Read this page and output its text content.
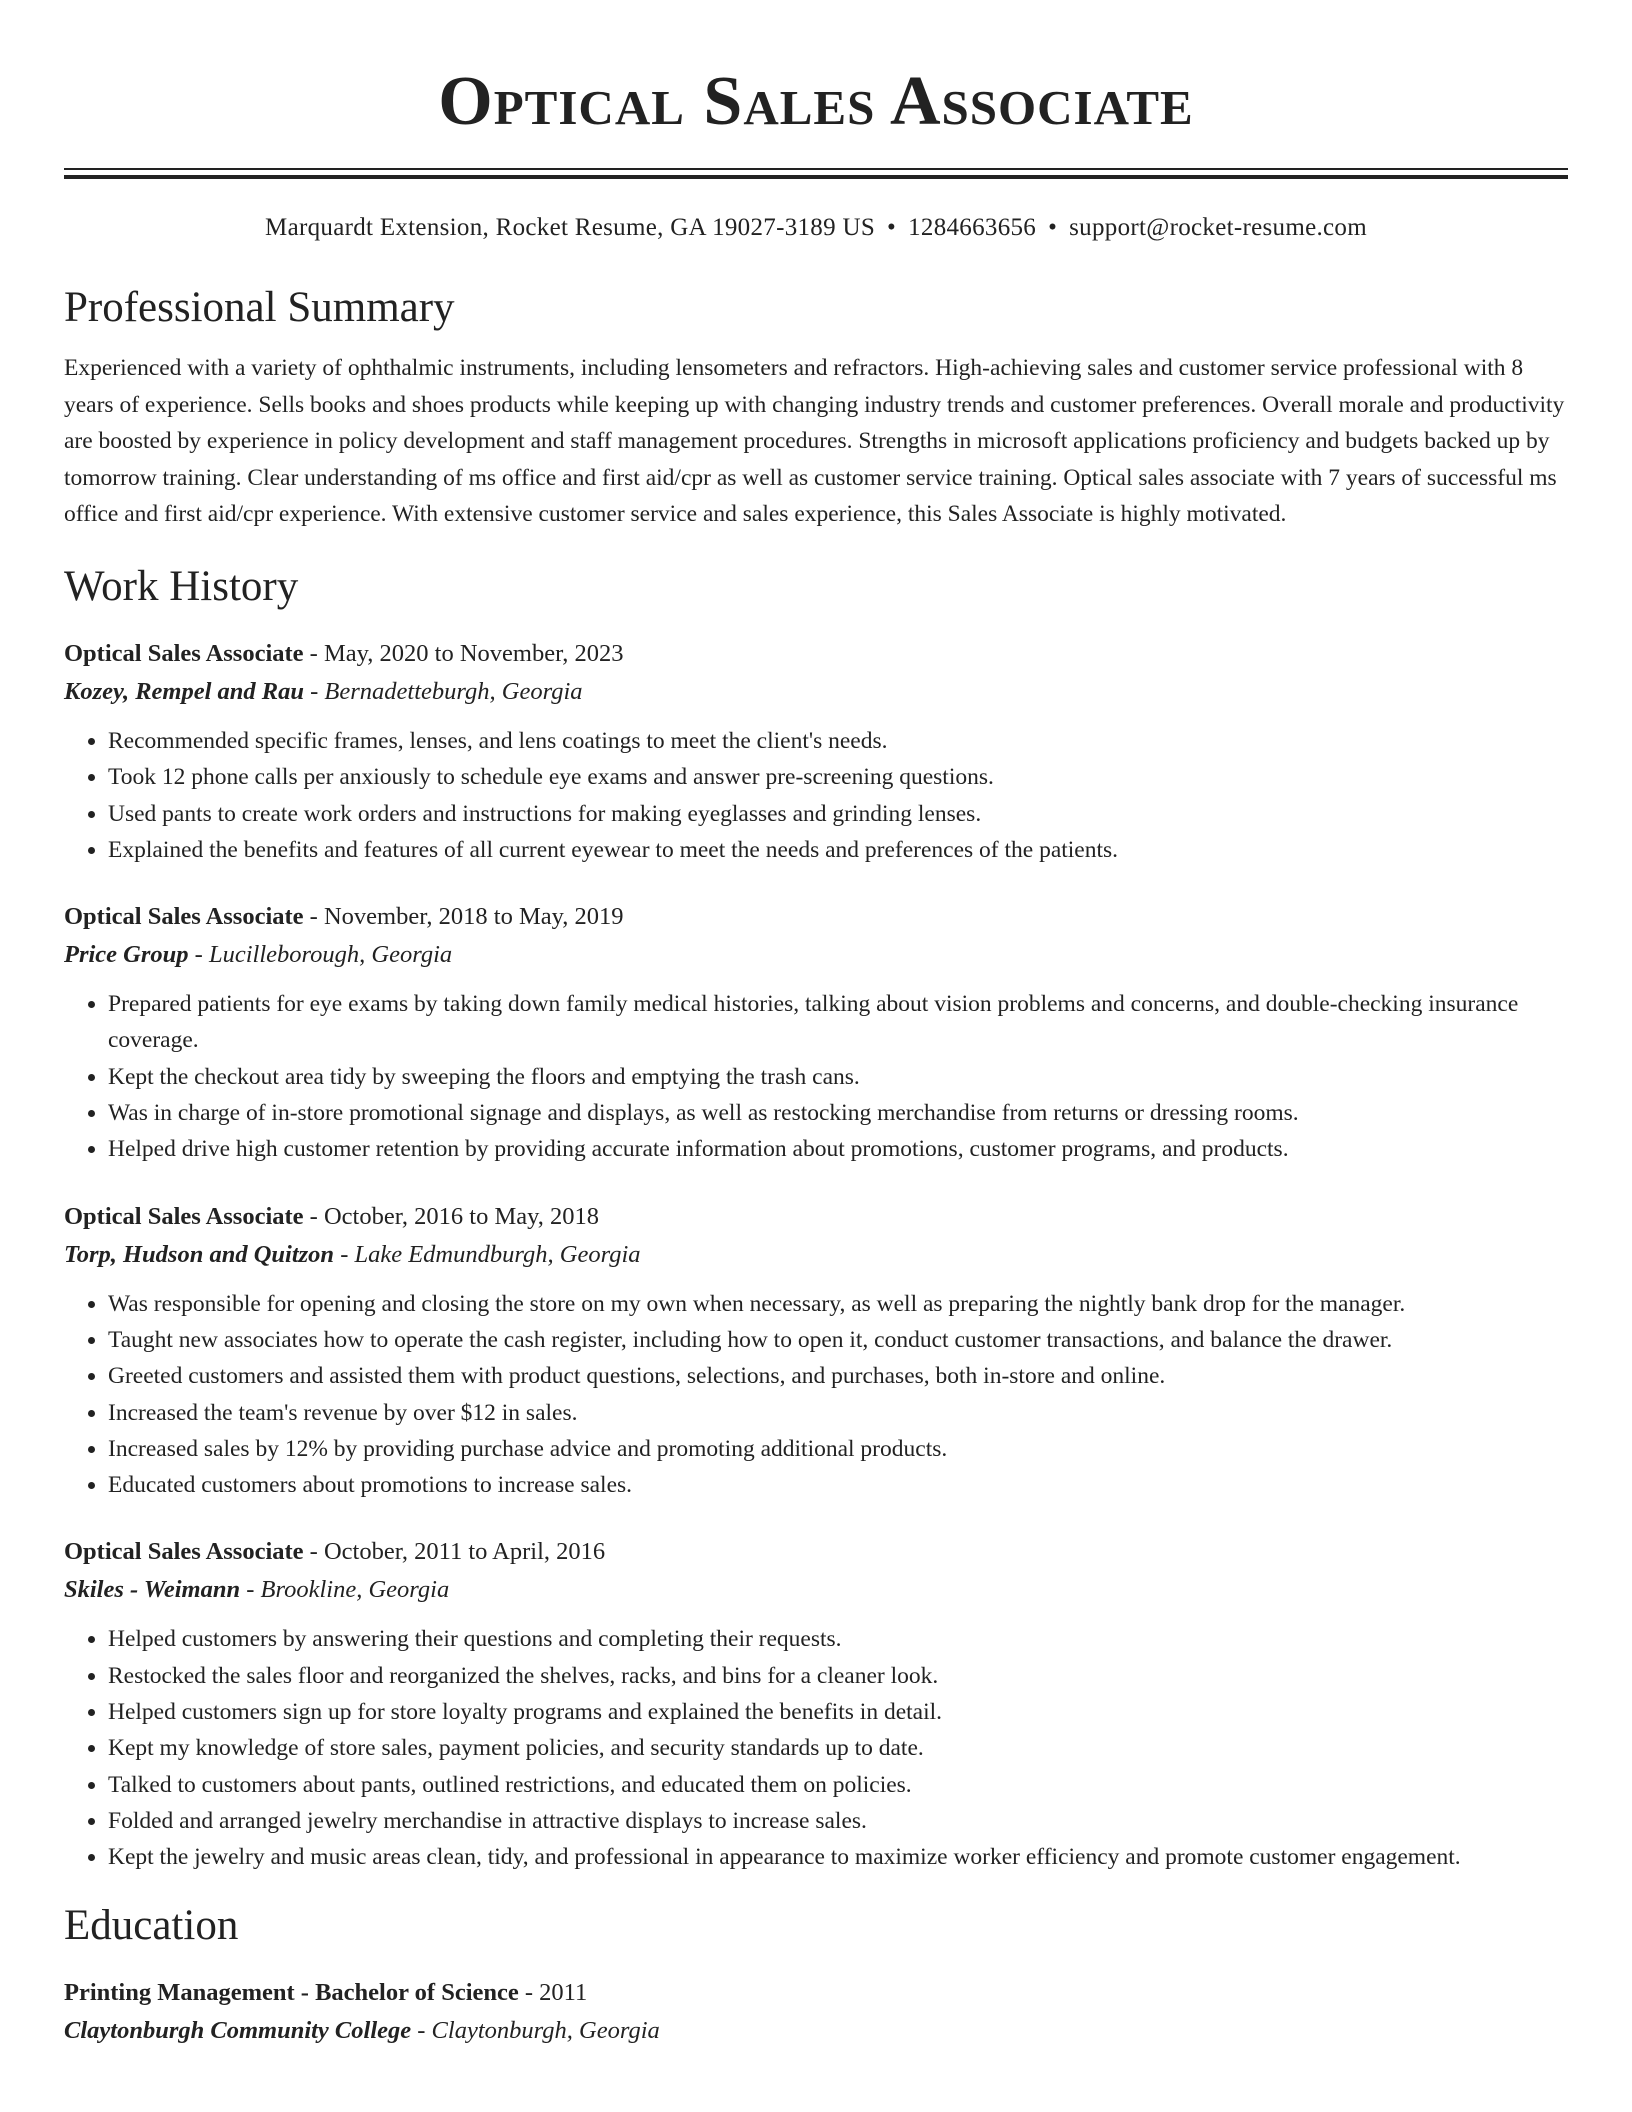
Optical Sales Associate
Marquardt Extension, Rocket Resume, GA 19027-3189 US • 1284663656 • support@rocket-resume.com
Professional Summary
Experienced with a variety of ophthalmic instruments, including lensometers and refractors. High-achieving sales and customer service professional with 8 years of experience. Sells books and shoes products while keeping up with changing industry trends and customer preferences. Overall morale and productivity are boosted by experience in policy development and staff management procedures. Strengths in microsoft applications proficiency and budgets backed up by tomorrow training. Clear understanding of ms office and first aid/cpr as well as customer service training. Optical sales associate with 7 years of successful ms office and first aid/cpr experience. With extensive customer service and sales experience, this Sales Associate is highly motivated.
Work History
Optical Sales Associate - May, 2020 to November, 2023
Kozey, Rempel and Rau - Bernadetteburgh, Georgia
• Recommended specific frames, lenses, and lens coatings to meet the client's needs.
• Took 12 phone calls per anxiously to schedule eye exams and answer pre-screening questions.
• Used pants to create work orders and instructions for making eyeglasses and grinding lenses.
• Explained the benefits and features of all current eyewear to meet the needs and preferences of the patients.
Optical Sales Associate - November, 2018 to May, 2019
Price Group - Lucilleborough, Georgia
• Prepared patients for eye exams by taking down family medical histories, talking about vision problems and concerns, and double-checking insurance coverage.
• Kept the checkout area tidy by sweeping the floors and emptying the trash cans.
• Was in charge of in-store promotional signage and displays, as well as restocking merchandise from returns or dressing rooms.
• Helped drive high customer retention by providing accurate information about promotions, customer programs, and products.
Optical Sales Associate - October, 2016 to May, 2018
Torp, Hudson and Quitzon - Lake Edmundburgh, Georgia
• Was responsible for opening and closing the store on my own when necessary, as well as preparing the nightly bank drop for the manager.
• Taught new associates how to operate the cash register, including how to open it, conduct customer transactions, and balance the drawer.
• Greeted customers and assisted them with product questions, selections, and purchases, both in-store and online.
• Increased the team's revenue by over $12 in sales.
• Increased sales by 12% by providing purchase advice and promoting additional products.
• Educated customers about promotions to increase sales.
Optical Sales Associate - October, 2011 to April, 2016
Skiles - Weimann - Brookline, Georgia
• Helped customers by answering their questions and completing their requests.
• Restocked the sales floor and reorganized the shelves, racks, and bins for a cleaner look.
• Helped customers sign up for store loyalty programs and explained the benefits in detail.
• Kept my knowledge of store sales, payment policies, and security standards up to date.
• Talked to customers about pants, outlined restrictions, and educated them on policies.
• Folded and arranged jewelry merchandise in attractive displays to increase sales.
• Kept the jewelry and music areas clean, tidy, and professional in appearance to maximize worker efficiency and promote customer engagement.
Education
Printing Management - Bachelor of Science - 2011
Claytonburgh Community College - Claytonburgh, Georgia
